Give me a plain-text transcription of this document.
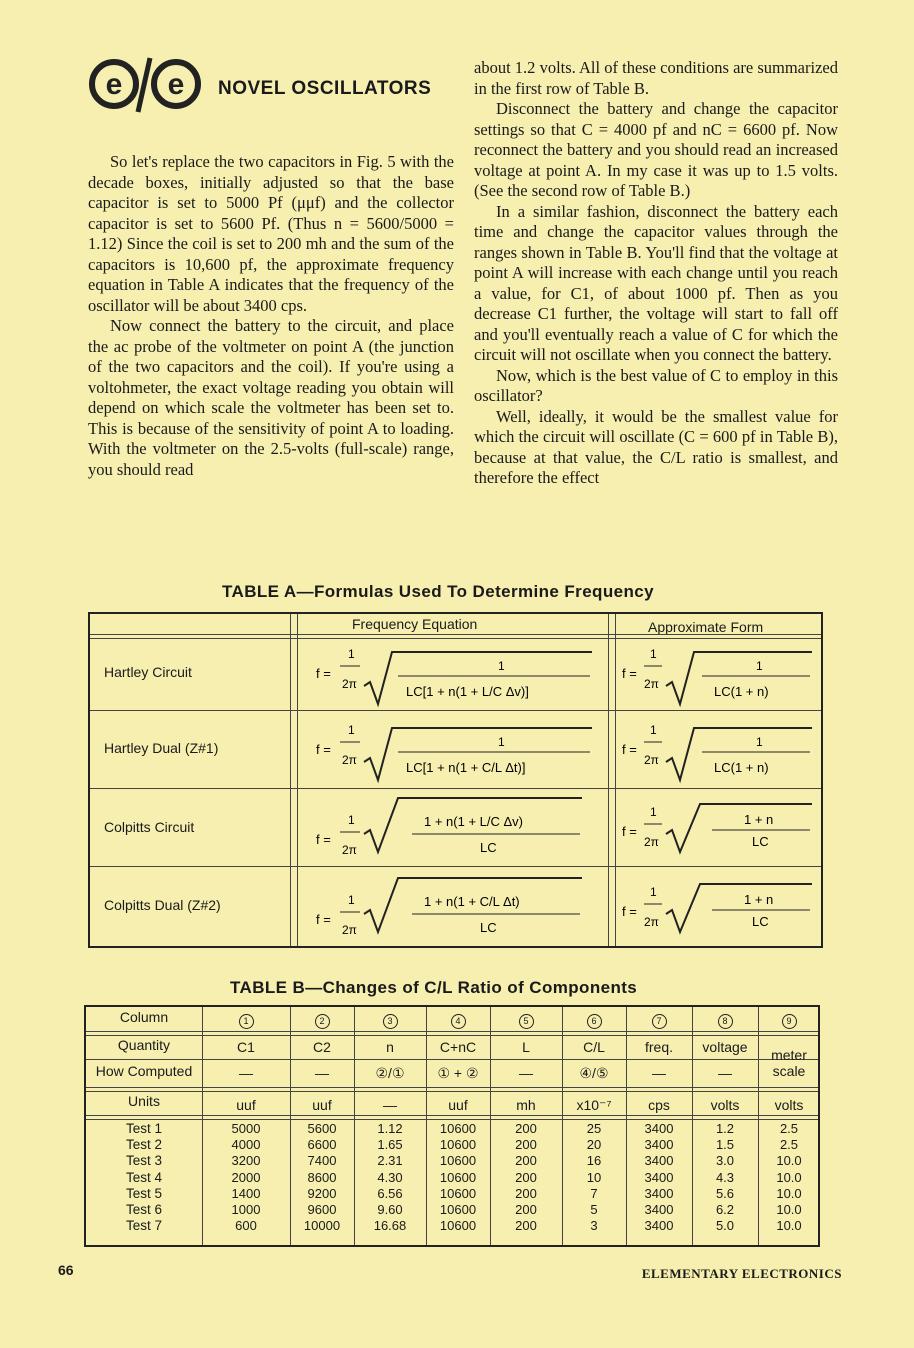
e e
e/e
NOVEL OSCILLATORS

So let's replace the two capacitors in Fig. 5 with the decade boxes, initially adjusted so that the base capacitor is set to 5000 Pf (μμf) and the collector capacitor is set to 5600 Pf. (Thus n = 5600/5000 = 1.12) Since the coil is set to 200 mh and the sum of the capacitors is 10,600 pf, the approximate frequency equation in Table A indicates that the frequency of the oscillator will be about 3400 cps.

Now connect the battery to the circuit, and place the ac probe of the voltmeter on point A (the junction of the two capacitors and the coil). If you're using a voltohmeter, the exact voltage reading you obtain will depend on which scale the voltmeter has been set to. This is because of the sensitivity of point A to loading. With the voltmeter on the 2.5-volts (full-scale) range, you should read

about 1.2 volts. All of these conditions are summarized in the first row of Table B.

Disconnect the battery and change the capacitor settings so that C = 4000 pf and nC = 6600 pf. Now reconnect the battery and you should read an increased voltage at point A. In my case it was up to 1.5 volts. (See the second row of Table B.)

In a similar fashion, disconnect the battery each time and change the capacitor values through the ranges shown in Table B. You'll find that the voltage at point A will increase with each change until you reach a value, for C1, of about 1000 pf. Then as you decrease C1 further, the voltage will start to fall off and you'll eventually reach a value of C for which the circuit will not oscillate when you connect the battery.

Now, which is the best value of C to employ in this oscillator?

Well, ideally, it would be the smallest value for which the circuit will oscillate (C = 600 pf in Table B), because at that value, the C/L ratio is smallest, and therefore the effect

TABLE A—Formulas Used To Determine Frequency
Frequency Equation	Approximate Form
Hartley Circuit
Hartley Dual (Z#1)
Colpitts Circuit
Colpitts Dual (Z#2)
f =
1
2π
1
LC[1 + n(1 + L/C Δv)]
f =
1
2π
1
LC(1 + n)
f =
1
2π
1
LC[1 + n(1 + C/L Δt)]
f =
1
2π
1
LC(1 + n)
f =
1
2π
1 + n(1 + L/C Δv)
LC
f =
1
2π
1 + n
LC
f =
1
2π
1 + n(1 + C/L Δt)
LC
f =
1
2π
1 + n
LC
TABLE B—Changes of C/L Ratio of Components
Column
Quantity
How Computed
Units
1
C1
—
uuf
2
C2
—
uuf
3
n
②/①
—
4
C+nC
① + ②
uuf
5
L
—
mh
6
C/L
④/⑤
x10⁻⁷
7
freq.
—
cps
8
voltage
—
volts
9
meter scale
volts
Test 1
Test 2
Test 3
Test 4
Test 5
Test 6
Test 7
5000
4000
3200
2000
1400
1000
600
5600
6600
7400
8600
9200
9600
10000
1.12
1.65
2.31
4.30
6.56
9.60
16.68
10600
10600
10600
10600
10600
10600
10600
200
200
200
200
200
200
200
25
20
16
10
7
5
3
3400
3400
3400
3400
3400
3400
3400
1.2
1.5
3.0
4.3
5.6
6.2
5.0
2.5
2.5
10.0
10.0
10.0
10.0
10.0
66	ELEMENTARY ELECTRONICS
